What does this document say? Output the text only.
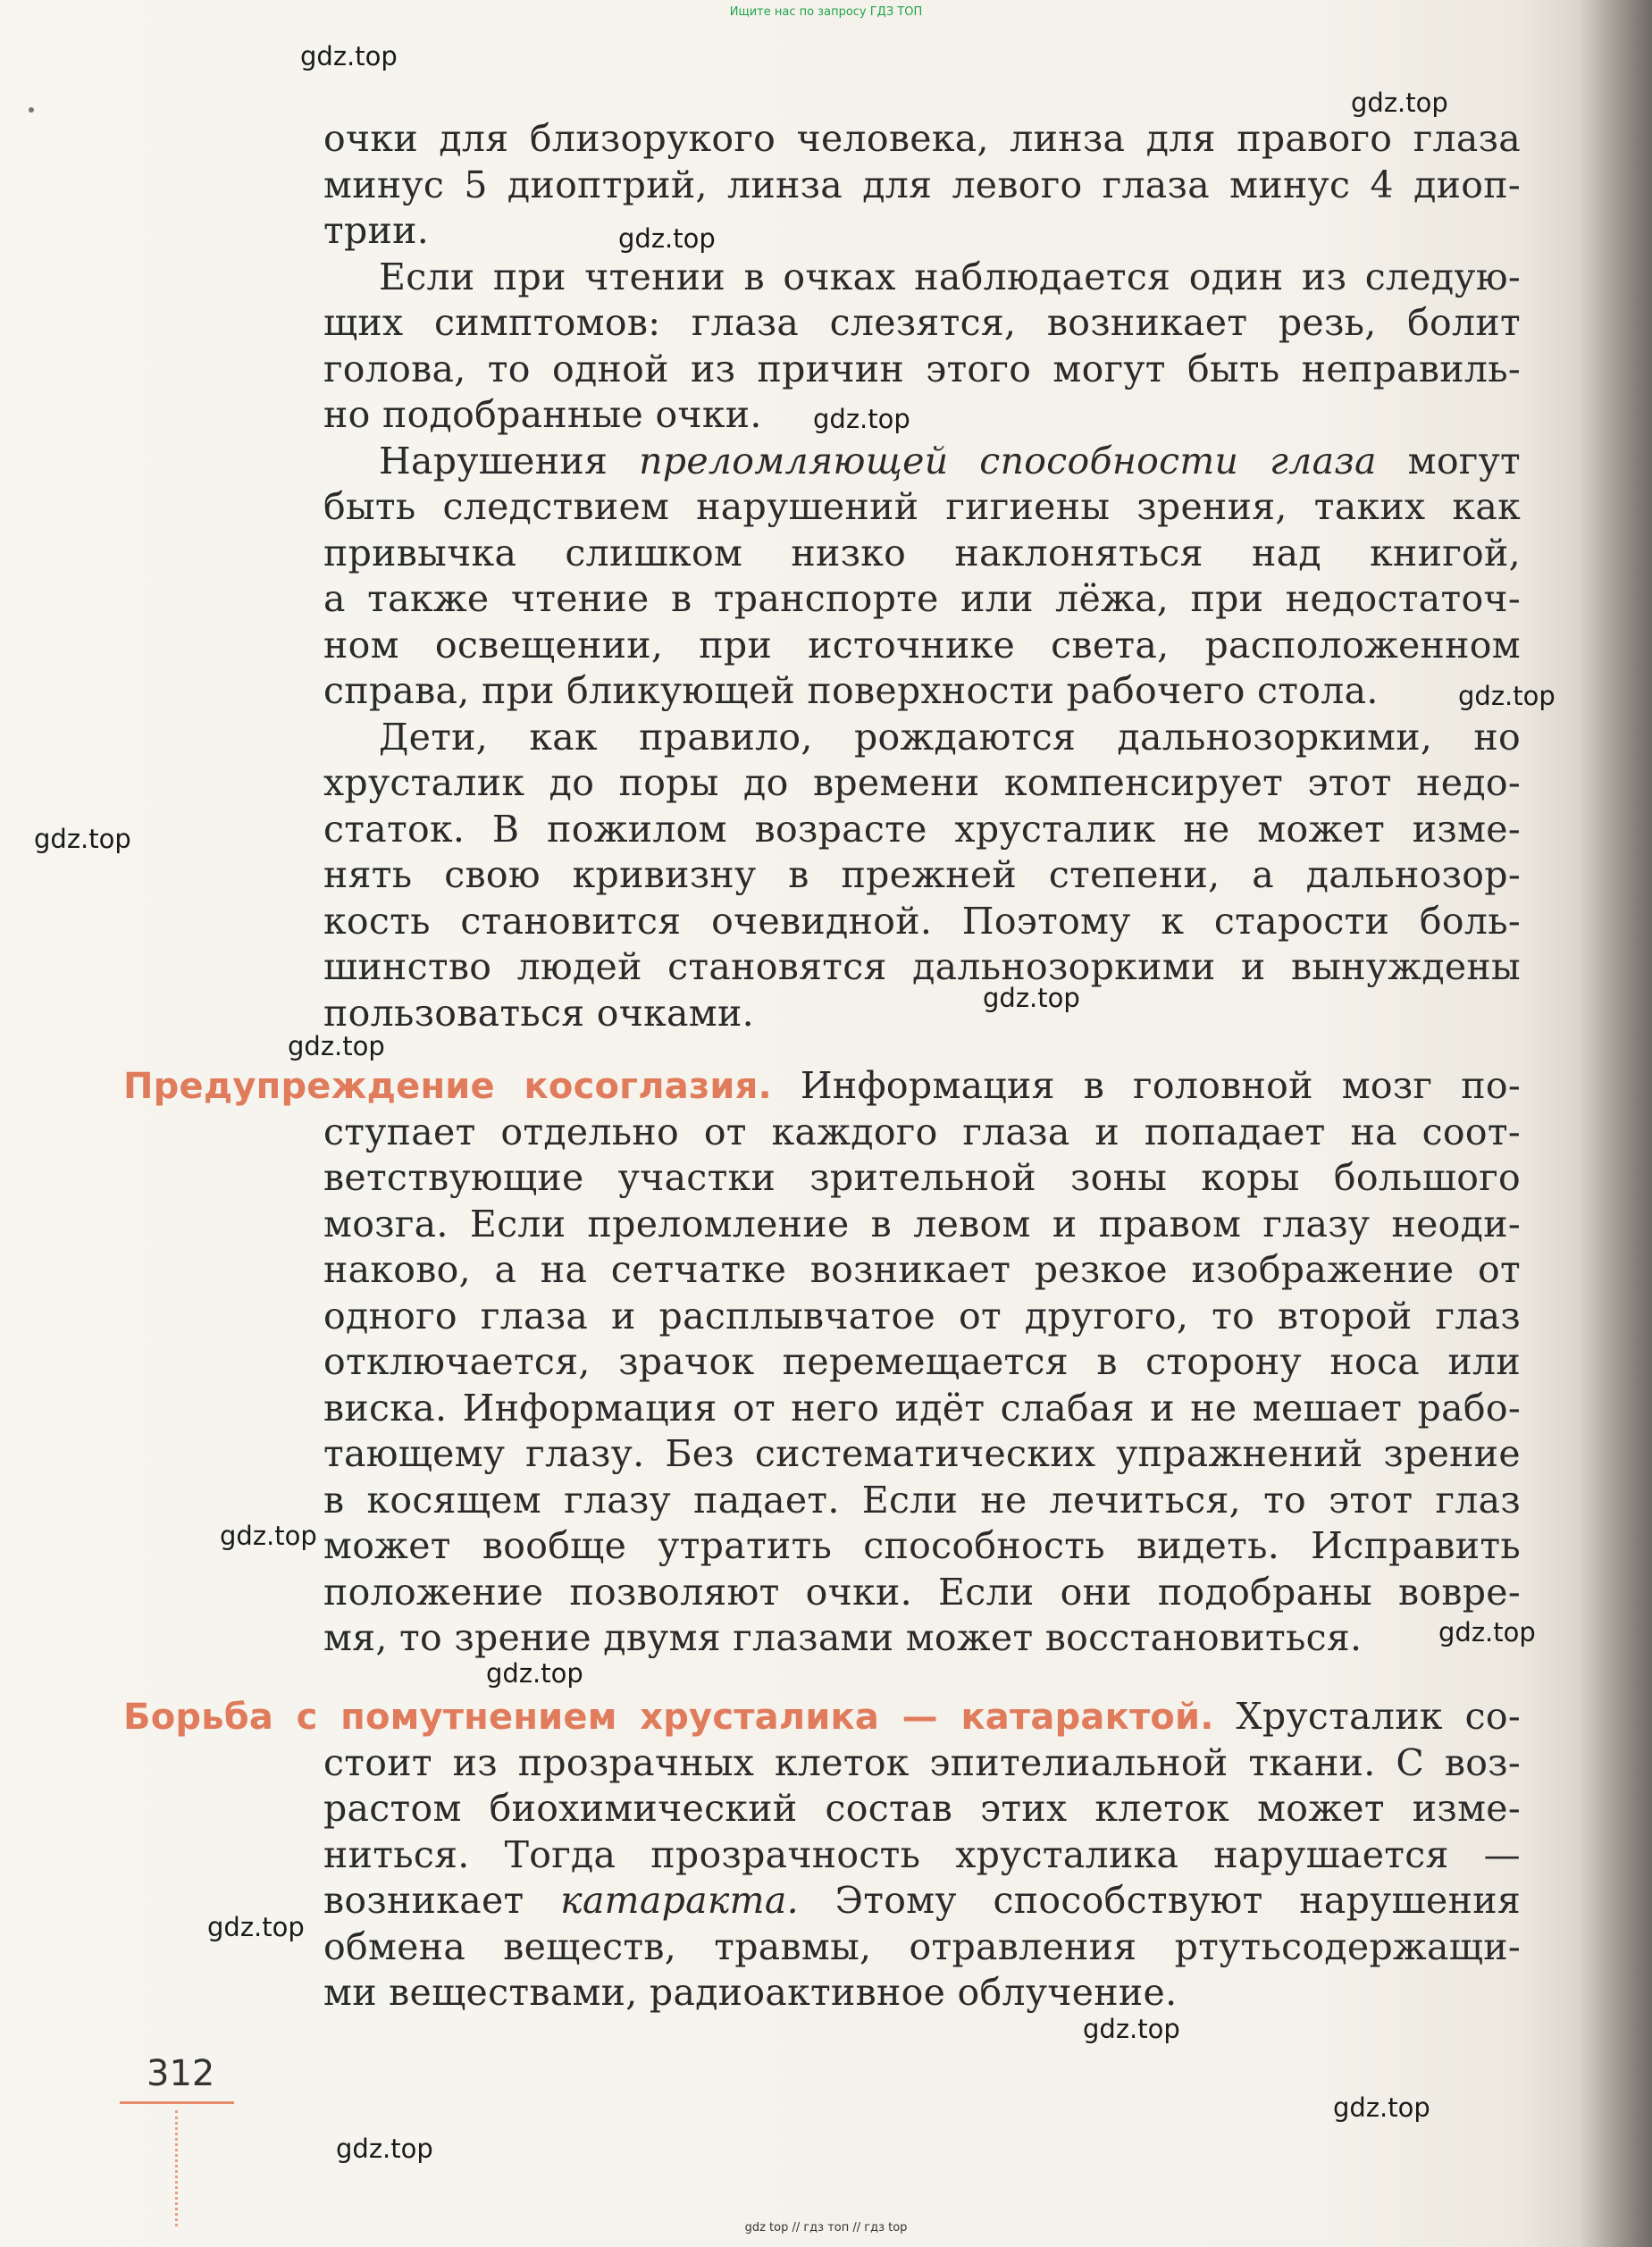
Ищите нас по запросу ГДЗ ТОП
gdz.top
gdz.top
gdz.top
gdz.top
gdz.top
gdz.top
gdz.top
gdz.top
gdz.top
gdz.top
gdz.top
gdz.top
gdz.top
gdz.top
gdz.top
очки для близорукого человека, линза для правого глаза
минус 5 диоптрий, линза для левого глаза минус 4 диоп-
трии.
Если при чтении в очках наблюдается один из следую-
щих симптомов: глаза слезятся, возникает резь, болит
голова, то одной из причин этого могут быть неправиль-
но подобранные очки.
Нарушения преломляющей способности глаза могут
быть следствием нарушений гигиены зрения, таких как
привычка слишком низко наклоняться над книгой,
а также чтение в транспорте или лёжа, при недостаточ-
ном освещении, при источнике света, расположенном
справа, при бликующей поверхности рабочего стола.
Дети, как правило, рождаются дальнозоркими, но
хрусталик до поры до времени компенсирует этот недо-
статок. В пожилом возрасте хрусталик не может изме-
нять свою кривизну в прежней степени, а дальнозор-
кость становится очевидной. Поэтому к старости боль-
шинство людей становятся дальнозоркими и вынуждены
пользоваться очками.
Предупреждение косоглазия. Информация в головной мозг по-
ступает отдельно от каждого глаза и попадает на соот-
ветствующие участки зрительной зоны коры большого
мозга. Если преломление в левом и правом глазу неоди-
наково, а на сетчатке возникает резкое изображение от
одного глаза и расплывчатое от другого, то второй глаз
отключается, зрачок перемещается в сторону носа или
виска. Информация от него идёт слабая и не мешает рабо-
тающему глазу. Без систематических упражнений зрение
в косящем глазу падает. Если не лечиться, то этот глаз
может вообще утратить способность видеть. Исправить
положение позволяют очки. Если они подобраны вовре-
мя, то зрение двумя глазами может восстановиться.
Борьба с помутнением хрусталика — катарактой. Хрусталик со-
стоит из прозрачных клеток эпителиальной ткани. С воз-
растом биохимический состав этих клеток может изме-
ниться. Тогда прозрачность хрусталика нарушается —
возникает катаракта. Этому способствуют нарушения
обмена веществ, травмы, отравления ртутьсодержащи-
ми веществами, радиоактивное облучение.
312
gdz top // гдз топ // гдз top
